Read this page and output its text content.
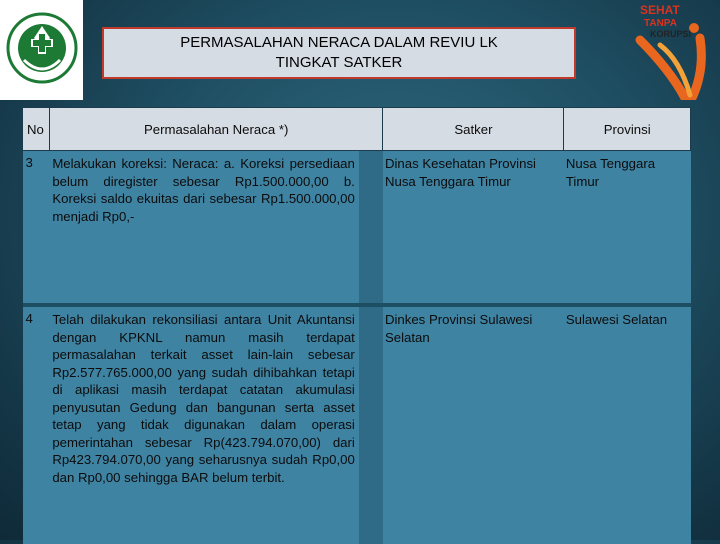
SEHAT
TANPA
KORUPSI
PERMASALAHAN NERACA DALAM REVIU LK
TINGKAT SATKER
No	Permasalahan Neraca *)		Satker	Provinsi
3	Melakukan koreksi: Neraca: a. Koreksi persediaan belum diregister sebesar Rp1.500.000,00 b. Koreksi saldo ekuitas dari sebesar Rp1.500.000,00 menjadi Rp0,-		Dinas Kesehatan Provinsi Nusa Tenggara Timur	Nusa Tenggara Timur
4	Telah dilakukan rekonsiliasi antara Unit Akuntansi dengan KPKNL namun masih terdapat permasalahan terkait asset lain-lain sebesar Rp2.577.765.000,00 yang sudah dihibahkan tetapi di aplikasi masih terdapat catatan akumulasi penyusutan Gedung dan bangunan serta asset tetap yang tidak digunakan dalam operasi pemerintahan sebesar Rp(423.794.070,00) dari Rp423.794.070,00 yang seharusnya sudah Rp0,00 dan Rp0,00 sehingga BAR belum terbit.		Dinkes Provinsi Sulawesi Selatan	Sulawesi Selatan
